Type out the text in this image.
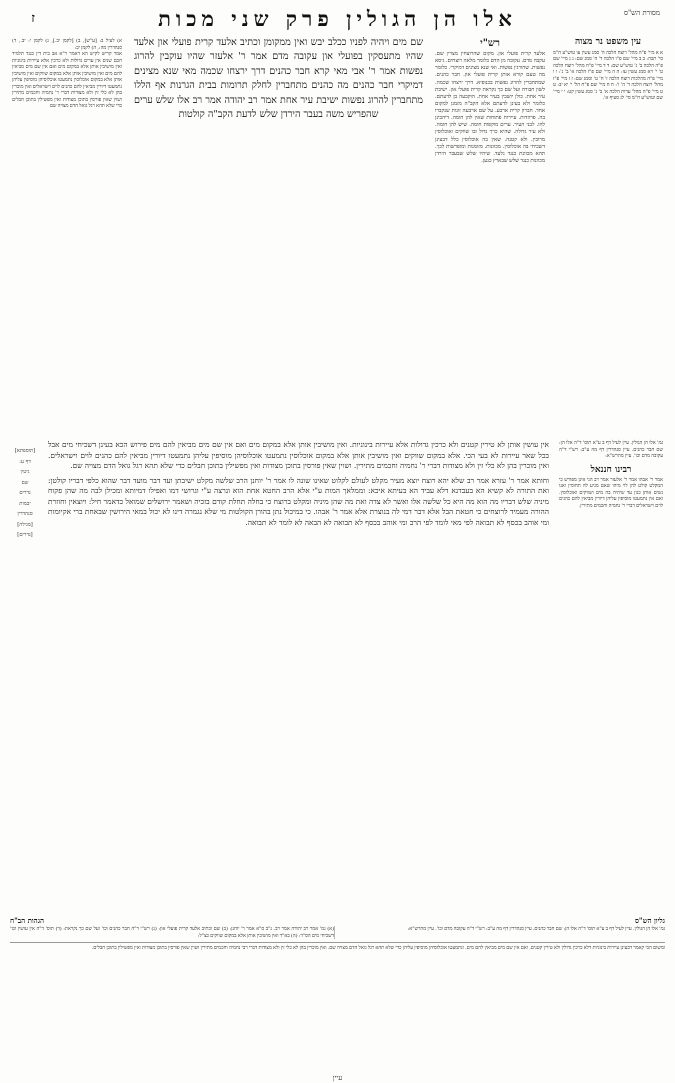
מסורת הש"ס
אלו הן הגולין פרק שני מכות
ז
עין משפט נר מצוה
א א מיי' פ"ה מהל' רוצח הלכה ה' סמג עשין עו טוש"ע ח"מ סי' תכה: ב ב מיי' שם פ"ו הלכה ד' ה' סמג שם: ג ג מיי' שם פ"ה הלכה ב' ג' טוש"ע שם: ד ד מיי' פ"ח מהל' רוצח הלכה ט' י' ויא סמג עשין עז: ה ה מיי' שם פ"ז הלכה א' ב' ג': ו ו מיי' פ"ה מהלכות רוצח הלכה ז' ח' ט' וסמג שם: ז ז מיי' פ"ז מהל' רוצח הלכה ד' ה' ו': ח ח מיי' שם פ"ח הל' י' יא יב: ט ט מיי' פ"ה מהל' עדות הלכה א' ב' ג' סמג עשין קט: י י מיי' שם וטוש"ע ח"מ סי' לג סעיף א'.
רש"י
אלעד קרית פועלי און. מקום שהרוצחין מצויין שם. עקבה מדם. עקובה מן הדם כלומר מלאה רוצחים. גיסא נפשות. שהורגין נפשות. ואי שנא מצינים דמיקרי. כלומר מה טעם קורא אותן קרית פועלי און. חבר כהנים. שמתחברין להרוג נפשות בכנופיא. דרך ירצחו שכמה. לשון חבורה ועל שם כך נקראת קרית פועלי און. ישיבת עיר אחת. כולן יושבין בעיר אחת. הוקבעה בן לדעתם. כלומר ולא בעינן לדעתם אלא הקב"ה מזמנן למקום אחד. חברון קרית ארבע. על שם ארבעה זוגות שנקברו בה. פרוזדות. עיירות פתוחות שאין להן חומה. דיהבינן להו. לבני העיר. ערים מוקפות חומה. שיש להן חומה. ולא עיר גדולה. שהיא כרך גדול ובו שווקים ואוכלוסין מרובין. ולא קטנה. שאין בה אוכלוסין כלל דבעינן דשכיחי בה אוכלוסין. מכוונות. מזומנות ומופרשות לכך. תהא מכוונת כנגד גלעד. שיהיו שלש שבעבר הירדן מכוונות כנגד שלש שבארץ כנען.
שם מים ויהיה לפניו ככלב יבש ואין ממקומן וכתיב אלעד קרית פועלי און אלעד שהיו מתעסקין בפועלי און עקובה מדם אמר ר' אלעזר שהיו עוקבין להרוג נפשות אמר ר' אבי מאי קרא חבר כהנים דרך ירצחו שכמה מאי שנא מצינים דמיקרי חבר כהנים מה כהנים מתחברין לחלק תרומות בבית הגרנות אף הללו מתחברין להרוג נפשות ישיבת עיר אחת אמר רב יהודה אמר רב אלו שלש ערים שהפריש משה בעבר הירדן שלש לדעת הקב"ה קולטות
א) לעיל ב: [ע"ש], ב) [לקמן יב.], ג) לקמן י: יב., ד) סנהדרין מה:, ה) לקמן יב:
אמר קריש לקיש הא דאמר ר"א אב בית דין כנגד תלמיד חכם שנים אין ערים גדולות ולא כרכין אלא עיירות בינוניות ואין מושיבין אותן אלא במקום מים ואם אין שם מים מביאין להם מים ואין מושיבין אותן אלא במקום שווקים ואין מושיבין אותן אלא במקום אוכלוסין נתמעטו אוכלוסיהן מוסיפין עליהן נתמעטו דיורין מביאין להם כהנים לוים וישראלים ואין מוכרין בהן לא כלי זין ולא מצודות דברי ר' נחמיה וחכמים מתירין ושוין שאין פורסין בתוכן מצודות ואין מפשילין בתוכן חבלים כדי שלא תהא רגל גואל הדם מצויה שם
גמ' אלו הן הגולין. עיין לעיל דף ב ע"א תוס' ד"ה אלו הן: שם חבר כהנים. עיין סנהדרין דף מה ע"ב: רש"י ד"ה עקובה מדם וכו'. עיין מהרש"א:
רבינו חננאל
אמר ר' אבהו אמר ר' אלעזר אמר רב הני אינן מפורש כי המקלט קולט להן לוי מיהו שאם מגיע לה תחומין ואנו נשים אותן כגון עד שיהיה בה מים ושווקים ואוכלוסין. ואם אין נתמעטו מוסיפין עליהן דיורין מביאין להם כהנים לוים וישראלים דברי ר' נחמיה וחכמים מתירין.
אין עושין אותן לא טירין קטנים ולא כרכין גדולות אלא עיירות בינוניות. ואין מושיבין אותן אלא במקום מים ואם אין שם מים מביאין להם מים פירוש הכא בעינן דשכיחי מים אבל בכל שאר עיירות לא בעי הכי. אלא במקום שווקים ואין מושיבין אותן אלא במקום אוכלוסין נתמעטו אוכלוסיהן מוסיפין עליהן נתמעטו דיורין מביאין להם כהנים לוים וישראלים. ואין מוכרין בהן לא כלי זין ולא מצודות דברי ר' נחמיה וחכמים מתירין. ושוין שאין פורסין בתוכן מצודות ואין מפשילין בתוכן חבלים כדי שלא תהא רגל גואל הדם מצויה שם.
וחותא אמר ר' עזרא אמר רב שלא יהא רוצח יוצא מעיר מקלט לעולם לקלוט שאינו שונה לו אמר ר' יוחנן הרב שלשה מקלט ישיבתן ועד דבר מועד דבר שהוא כלפי דבריו קולטן: ואת התורה לא קשיא הא בעבדנא דלא עביד הא בעיתא איכא: וממלאך המות ע"י אלא הרב החטא אחת הוא ונרצה ע"י וגרושי דמו ואפילו דמיותא ומכילן לבה מה שהן פקוח מיניה שלש דבריו מה הוא מה היא כל שלשה אלו ואשר לא צדה ואת מה שהן מיניה ומקלט ברוצח כי בחלה תחלת קודם בזכיה ושאמר ירושלים שמואל כדאמר חיל: ויוצאין וחוזרת ההורה מעמיד לרוצחים כי חטאת הבל אלא דבר דמי לה בנוצרת אלא אמר ר' אבהו. כי במיכול נתן בהורן הקולטות מי שלא נגמרה דינו לא יכול במאי הירושין שבאחת ברי אקיומות ומי אוהב בכסף לא תבואה לפי מאי לומד לפי הרב ומי אוהב בכסף לא תבואה לא הבאה לא לומד לא תבואה.
[תוספתא]
דף ע:
גיטין
שם
נדרים
יבמות
סנהדרין
[מגילה]
[נדרים]
גליון הש"ס
הגהות הב"ח
גמ' אלו הן הגולין. עיין לעיל דף ב ע"א תוס' ד"ה אלו הן: שם חבר כהנים. עיין סנהדרין דף מה ע"ב: רש"י ד"ה עקובה מדם וכו'. עיין מהרש"א:
(א) גמ' אמר רב יהודה אמר רב. נ"ב ס"א אמר ר' יוחנן: (ב) שם וכתיב אלעד קרית פועלי און: (ג) רש"י ד"ה חבר כהנים וכו' ועל שם כך נקראת: (ד) תוס' ד"ה אין עושין וכו' דשכיחי מים הס"ד: (ה) בא"ד ואין מושיבין אותן אלא במקום שווקים כצ"ל:
ומשום הכי קאמר דבעינן עיירות בינוניות דלא כרכין גדולין ולא טירין קטנים. ואם אין שם מים מביאין להם מים. ונתמעטו אוכלוסיהן מוסיפין עליהן כדי שלא תהא רגל גואל הדם מצויה שם. ואין מוכרין בהן לא כלי זין ולא מצודות דברי רבי נחמיה וחכמים מתירין ושוין שאין פורסין בתוכן מצודות ואין מפשילין בתוכן חבלים.
עיין
